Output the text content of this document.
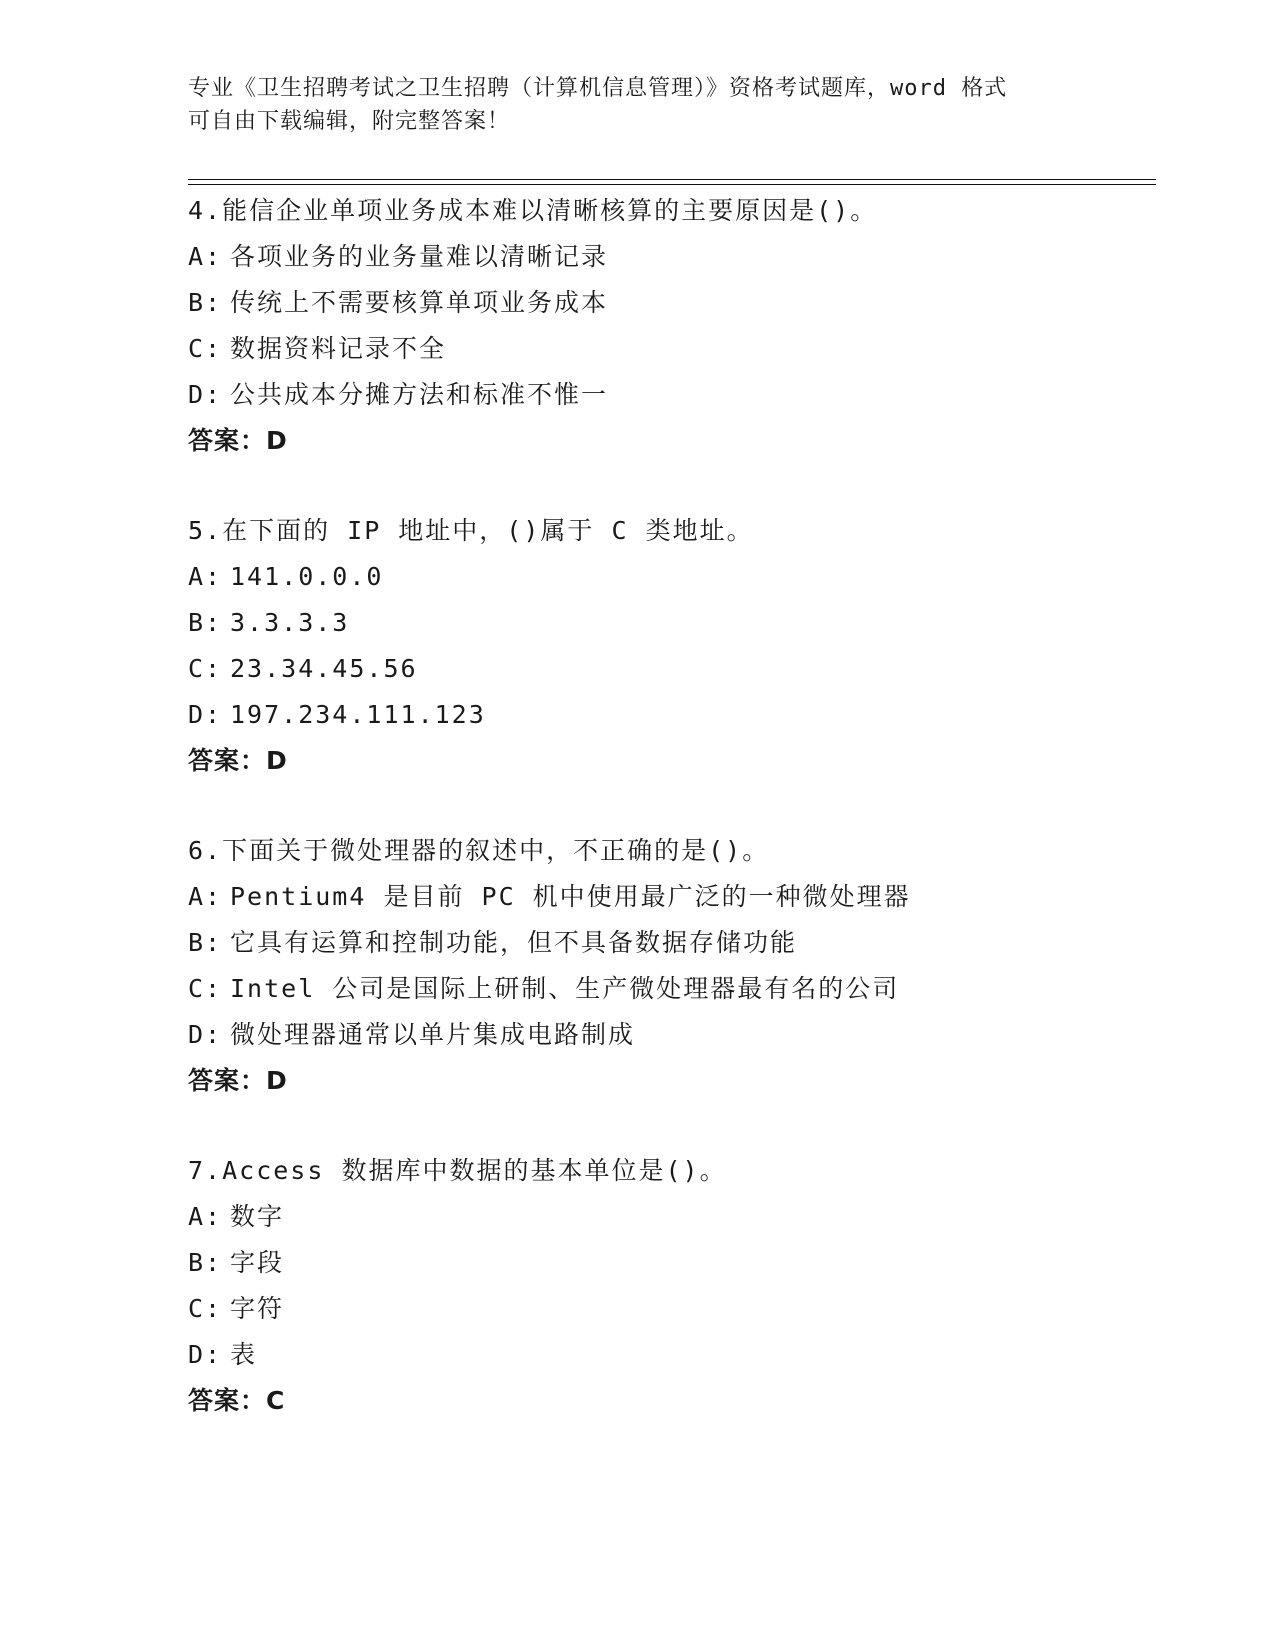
专业《卫生招聘考试之卫生招聘（计算机信息管理）》资格考试题库，word 格式
可自由下载编辑，附完整答案！
4.能信企业单项业务成本难以清晰核算的主要原因是()。
A: 各项业务的业务量难以清晰记录
B: 传统上不需要核算单项业务成本
C: 数据资料记录不全
D: 公共成本分摊方法和标准不惟一
答案：D
5.在下面的 IP 地址中，()属于 C 类地址。
A: 141.0.0.0
B: 3.3.3.3
C: 23.34.45.56
D: 197.234.111.123
答案：D
6.下面关于微处理器的叙述中，不正确的是()。
A: Pentium4 是目前 PC 机中使用最广泛的一种微处理器
B: 它具有运算和控制功能，但不具备数据存储功能
C: Intel 公司是国际上研制、生产微处理器最有名的公司
D: 微处理器通常以单片集成电路制成
答案：D
7.Access 数据库中数据的基本单位是()。
A: 数字
B: 字段
C: 字符
D: 表
答案：C
